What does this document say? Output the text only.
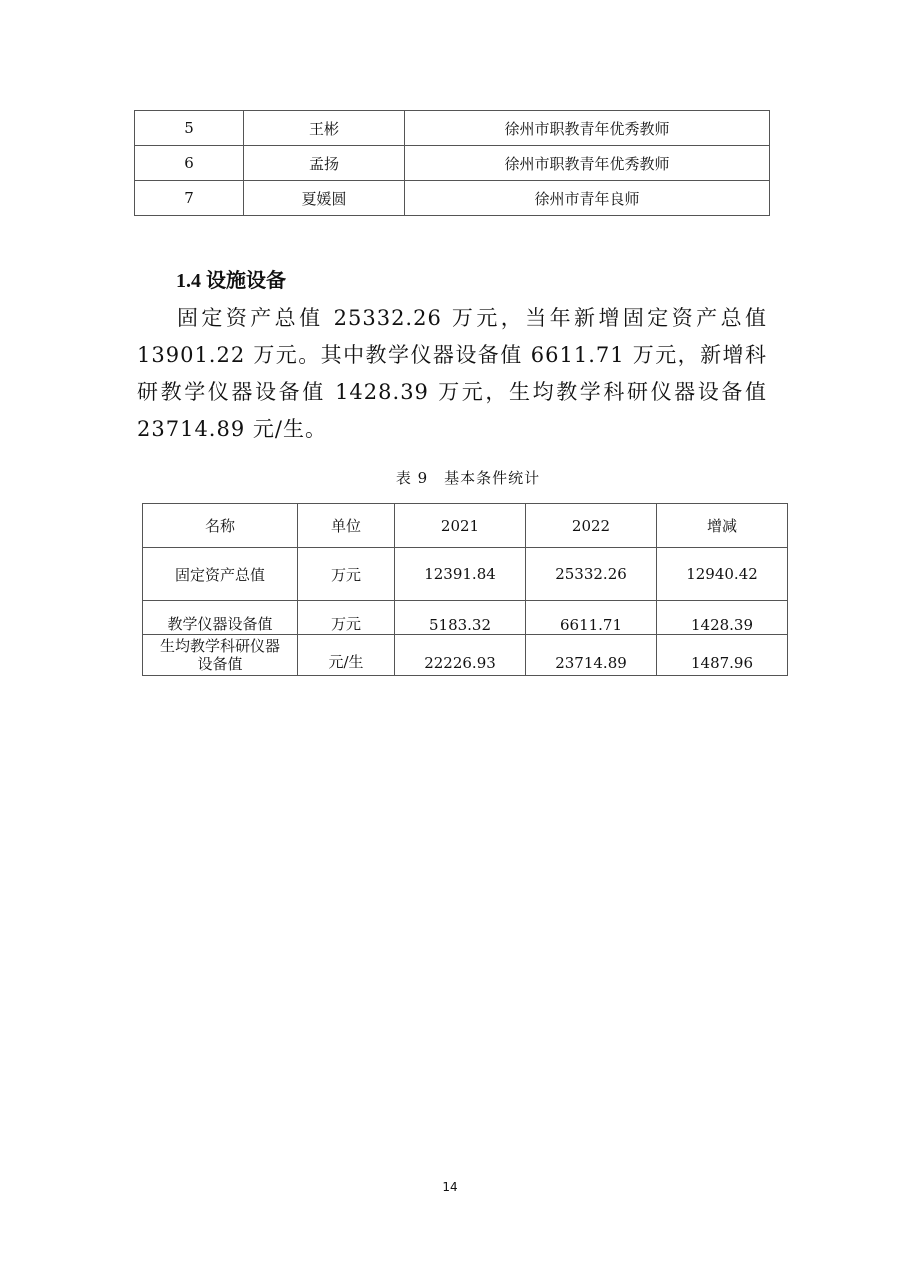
5	王彬	徐州市职教青年优秀教师
6	孟扬	徐州市职教青年优秀教师
7	夏媛圆	徐州市青年良师
1.4 设施设备
固定资产总值 25332.26 万元，当年新增固定资产总值 13901.22 万元。其中教学仪器设备值 6611.71 万元，新增科研教学仪器设备值 1428.39 万元，生均教学科研仪器设备值 23714.89 元/生。
表 9　基本条件统计
名称	单位	2021	2022	增减
固定资产总值	万元	12391.84	25332.26	12940.42
教学仪器设备值	万元	5183.32	6611.71	1428.39
生均教学科研仪器设备值	元/生	22226.93	23714.89	1487.96
14
